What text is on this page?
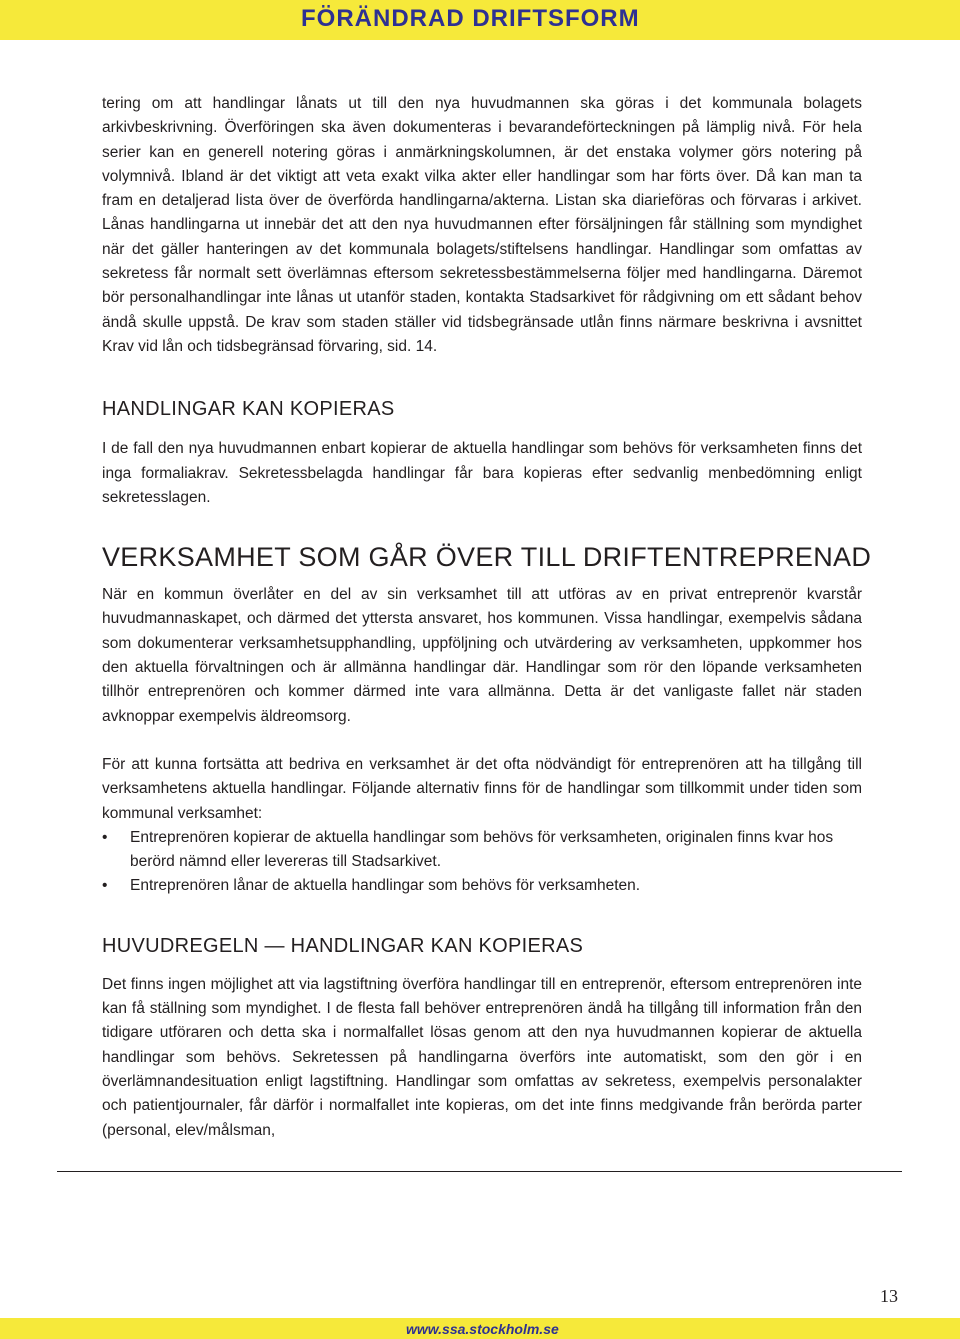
FÖRÄNDRAD DRIFTSFORM

tering om att handlingar lånats ut till den nya huvudmannen ska göras i det kommunala bolagets arkivbeskrivning. Överföringen ska även dokumenteras i bevarandeförteckningen på lämplig nivå. För hela serier kan en generell notering göras i anmärkningskolumnen, är det enstaka volymer görs notering på volymnivå. Ibland är det viktigt att veta exakt vilka akter eller handlingar som har förts över. Då kan man ta fram en detaljerad lista över de överförda handlingarna/akterna. Listan ska diarieföras och förvaras i arkivet. Lånas handlingarna ut innebär det att den nya huvudmannen efter försäljningen får ställning som myndighet när det gäller hanteringen av det kommunala bolagets/stiftelsens handlingar. Handlingar som omfattas av sekretess får normalt sett överlämnas eftersom sekretessbestämmelserna följer med handlingarna. Däremot bör personalhandlingar inte lånas ut utanför staden, kontakta Stadsarkivet för rådgivning om ett sådant behov ändå skulle uppstå. De krav som staden ställer vid tidsbegränsade utlån finns närmare beskrivna i avsnittet Krav vid lån och tidsbegränsad förvaring, sid. 14.

HANDLINGAR KAN KOPIERAS

I de fall den nya huvudmannen enbart kopierar de aktuella handlingar som behövs för verksamheten finns det inga formaliakrav. Sekretessbelagda handlingar får bara kopieras efter sedvanlig menbedömning enligt sekretesslagen.

VERKSAMHET SOM GÅR ÖVER TILL DRIFTENTREPRENAD

När en kommun överlåter en del av sin verksamhet till att utföras av en privat entreprenör kvarstår huvudmannaskapet, och därmed det yttersta ansvaret, hos kommunen. Vissa handlingar, exempelvis sådana som dokumenterar verksamhetsupphandling, uppföljning och utvärdering av verksamheten, uppkommer hos den aktuella förvaltningen och är allmänna handlingar där. Handlingar som rör den löpande verksamheten tillhör entreprenören och kommer därmed inte vara allmänna. Detta är det vanligaste fallet när staden avknoppar exempelvis äldreomsorg.

För att kunna fortsätta att bedriva en verksamhet är det ofta nödvändigt för entreprenören att ha tillgång till verksamhetens aktuella handlingar. Följande alternativ finns för de handlingar som tillkommit under tiden som kommunal verksamhet:

• Entreprenören kopierar de aktuella handlingar som behövs för verksamheten, originalen finns kvar hos berörd nämnd eller levereras till Stadsarkivet.
• Entreprenören lånar de aktuella handlingar som behövs för verksamheten.
HUVUDREGELN — HANDLINGAR KAN KOPIERAS

Det finns ingen möjlighet att via lagstiftning överföra handlingar till en entreprenör, eftersom entreprenören inte kan få ställning som myndighet. I de flesta fall behöver entreprenören ändå ha tillgång till information från den tidigare utföraren och detta ska i normalfallet lösas genom att den nya huvudmannen kopierar de aktuella handlingar som behövs. Sekretessen på handlingarna överförs inte automatiskt, som den gör i en överlämnandesituation enligt lagstiftning. Handlingar som omfattas av sekretess, exempelvis personalakter och patientjournaler, får därför i normalfallet inte kopieras, om det inte finns medgivande från berörda parter (personal, elev/målsman,

13
www.ssa.stockholm.se
